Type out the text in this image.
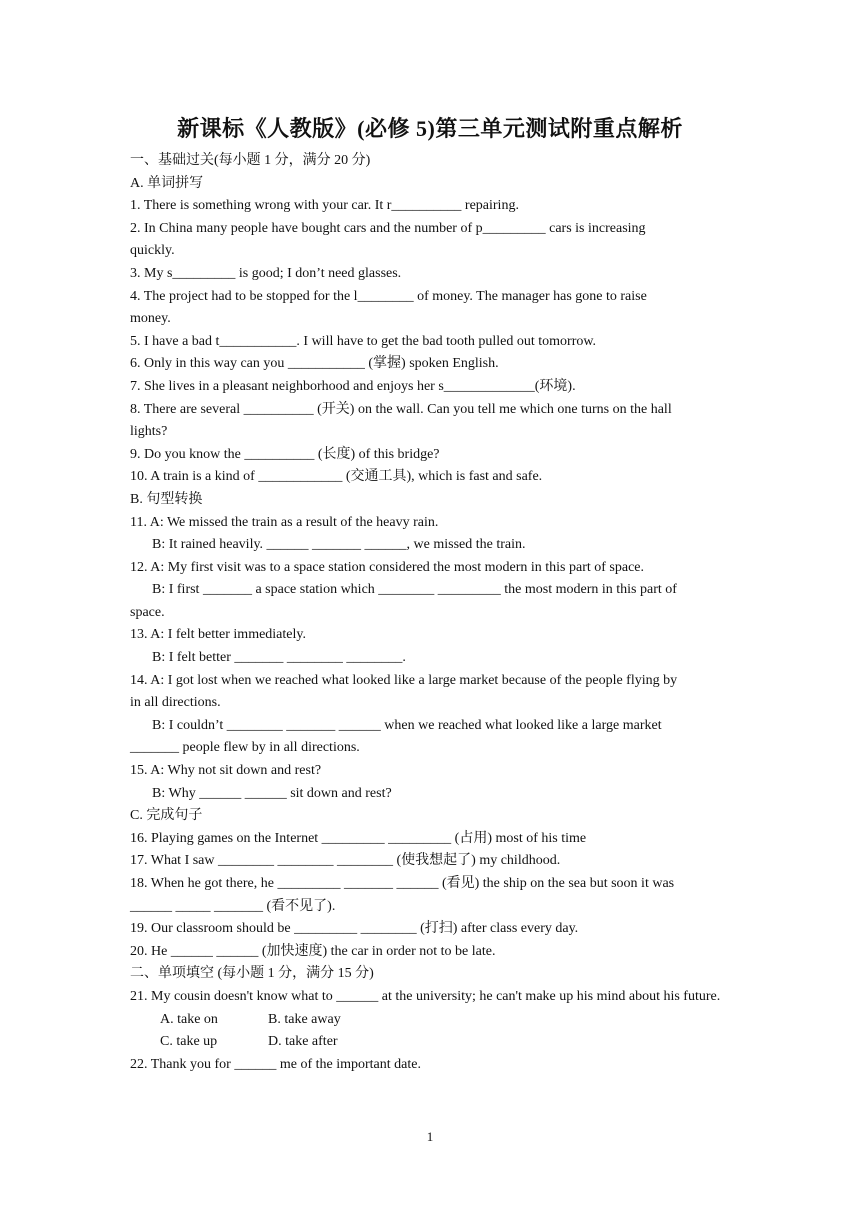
新课标《人教版》(必修 5)第三单元测试附重点解析
一、基础过关(每小题 1 分，满分 20 分)
A. 单词拼写
1. There is something wrong with your car. It r__________ repairing.
2. In China many people have bought cars and the number of p_________ cars is increasing
quickly.
3. My s_________ is good; I don’t need glasses.
4. The project had to be stopped for the l________ of money. The manager has gone to raise
money.
5. I have a bad t___________. I will have to get the bad tooth pulled out tomorrow.
6. Only in this way can you ___________ (掌握) spoken English.
7. She lives in a pleasant neighborhood and enjoys her s_____________(环境).
8. There are several __________ (开关) on the wall. Can you tell me which one turns on the hall
lights?
9. Do you know the __________ (长度) of this bridge?
10. A train is a kind of ____________ (交通工具), which is fast and safe.
B. 句型转换
11. A: We missed the train as a result of the heavy rain.
B: It rained heavily. ______ _______ ______, we missed the train.
12. A: My first visit was to a space station considered the most modern in this part of space.
B: I first _______ a space station which ________ _________ the most modern in this part of
space.
13. A: I felt better immediately.
B: I felt better _______ ________ ________.
14. A: I got lost when we reached what looked like a large market because of the people flying by
in all directions.
B: I couldn’t ________ _______ ______ when we reached what looked like a large market
_______ people flew by in all directions.
15. A: Why not sit down and rest?
B: Why ______ ______ sit down and rest?
C. 完成句子
16. Playing games on the Internet _________ _________ (占用) most of his time
17. What I saw ________ ________ ________ (使我想起了) my childhood.
18. When he got there, he _________ _______ ______ (看见) the ship on the sea but soon it was
______ _____ _______ (看不见了).
19. Our classroom should be _________ ________ (打扫) after class every day.
20. He ______ ______ (加快速度) the car in order not to be late.
二、单项填空 (每小题 1 分，满分 15 分)
21. My cousin doesn't know what to ______ at the university; he can't make up his mind about his future.
A. take on	B. take away
C. take up	D. take after
22. Thank you for ______ me of the important date.
1
